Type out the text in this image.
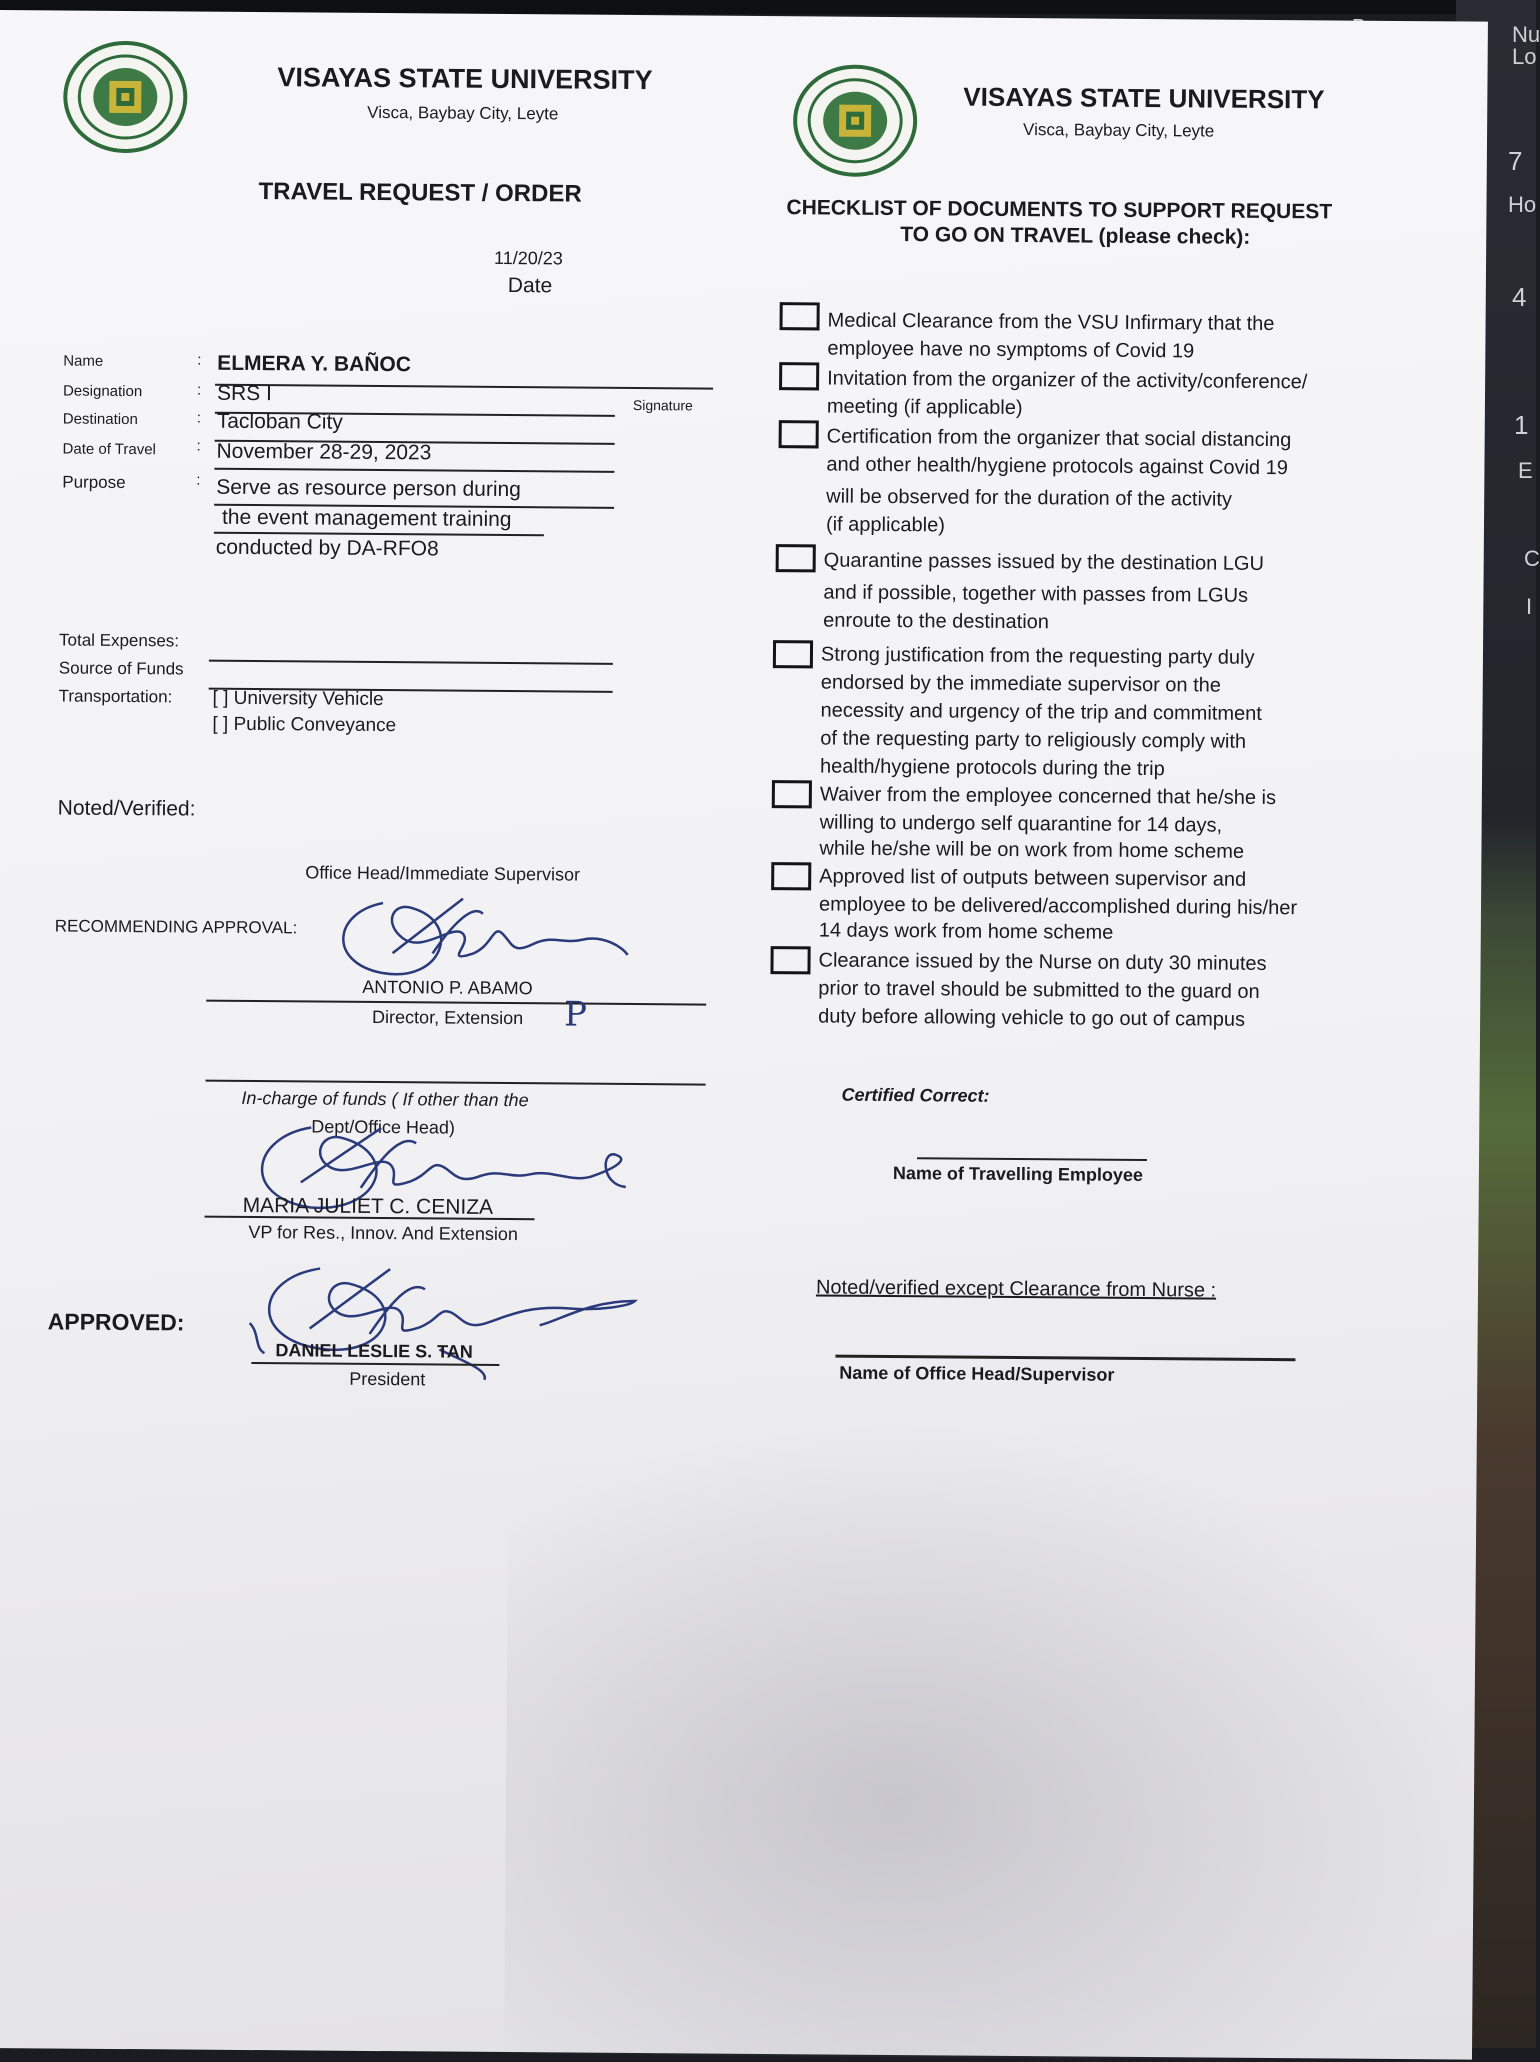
Nu
Lo
7
Ho
4
1
E
C
I
VISAYAS STATE UNIVERSITY
Visca, Baybay City, Leyte
TRAVEL REQUEST / ORDER
11/20/23
Date
Name	: ELMERA Y. BAÑOC
Signature
Designation	: SRS I
Destination	: Tacloban City
Date of Travel	: November 28-29, 2023
Purpose	: Serve as resource person during
the event management training
conducted by DA-RFO8
Total Expenses:
Source of Funds
Transportation: [ ] University Vehicle
[ ] Public Conveyance
Noted/Verified:
Office Head/Immediate Supervisor
RECOMMENDING APPROVAL:
ANTONIO P. ABAMO
Director, Extension P
In-charge of funds ( If other than the
Dept/Office Head)
MARIA JULIET C. CENIZA
VP for Res., Innov. And Extension
APPROVED:
DANIEL LESLIE S. TAN
President
VISAYAS STATE UNIVERSITY
Visca, Baybay City, Leyte
CHECKLIST OF DOCUMENTS TO SUPPORT REQUEST
TO GO ON TRAVEL (please check):
Medical Clearance from the VSU Infirmary that the
employee have no symptoms of Covid 19
Invitation from the organizer of the activity/conference/
meeting (if applicable)
Certification from the organizer that social distancing
and other health/hygiene protocols against Covid 19
will be observed for the duration of the activity
(if applicable)
Quarantine passes issued by the destination LGU
and if possible, together with passes from LGUs
enroute to the destination
Strong justification from the requesting party duly
endorsed by the immediate supervisor on the
necessity and urgency of the trip and commitment
of the requesting party to religiously comply with
health/hygiene protocols during the trip
Waiver from the employee concerned that he/she is
willing to undergo self quarantine for 14 days,
while he/she will be on work from home scheme
Approved list of outputs between supervisor and
employee to be delivered/accomplished during his/her
14 days work from home scheme
Clearance issued by the Nurse on duty 30 minutes
prior to travel should be submitted to the guard on
duty before allowing vehicle to go out of campus
Certified Correct:
Name of Travelling Employee
Noted/verified except Clearance from Nurse :
Name of Office Head/Supervisor
